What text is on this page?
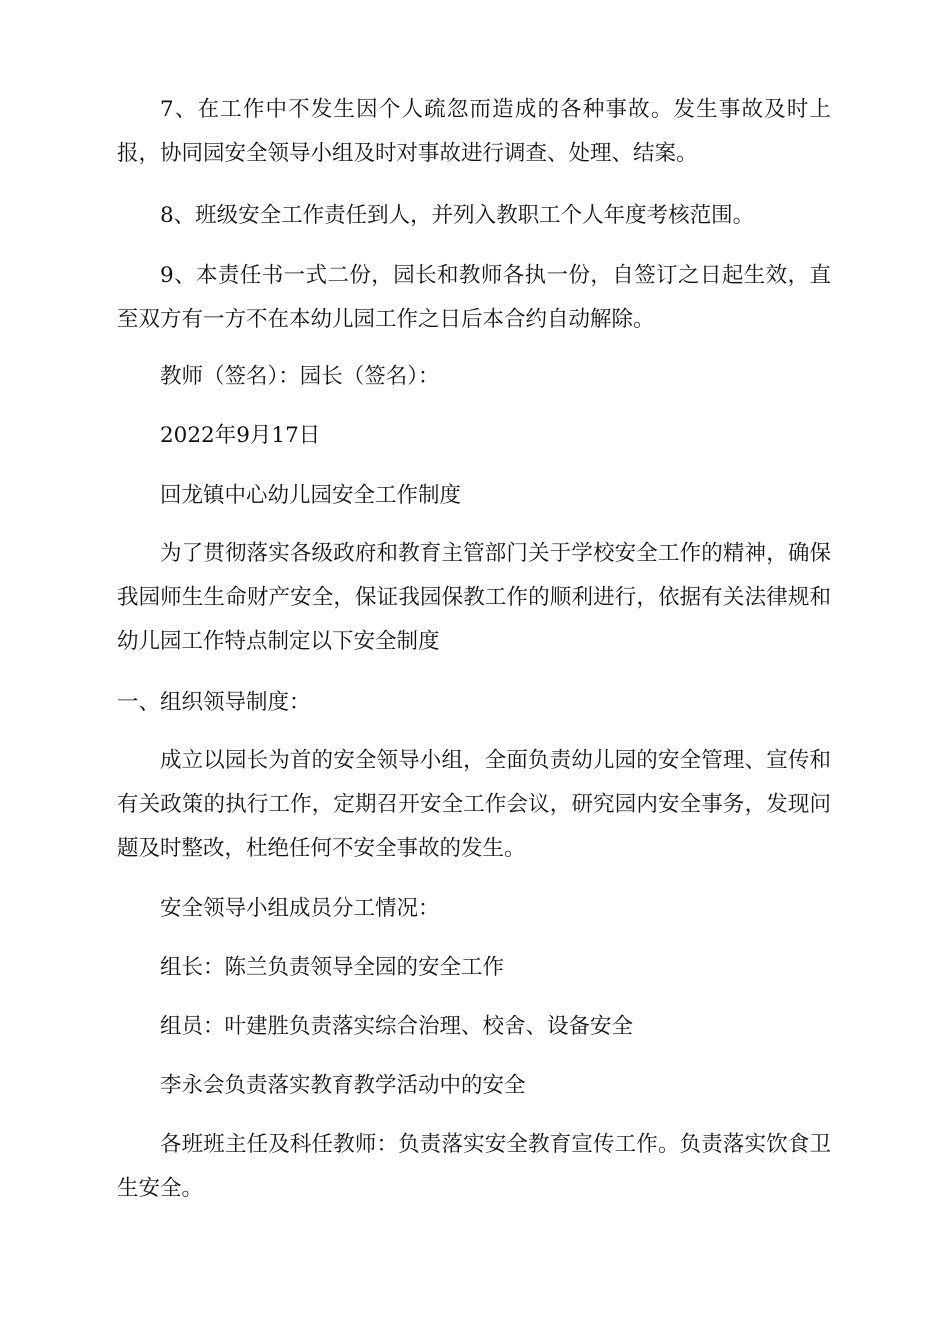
7、在工作中不发生因个人疏忽而造成的各种事故。发生事故及时上报，协同园安全领导小组及时对事故进行调查、处理、结案。

8、班级安全工作责任到人，并列入教职工个人年度考核范围。

9、本责任书一式二份，园长和教师各执一份，自签订之日起生效，直至双方有一方不在本幼儿园工作之日后本合约自动解除。

教师（签名）：园长（签名）：

2022年9月17日

回龙镇中心幼儿园安全工作制度

为了贯彻落实各级政府和教育主管部门关于学校安全工作的精神，确保我园师生生命财产安全，保证我园保教工作的顺利进行，依据有关法律规和幼儿园工作特点制定以下安全制度

一、组织领导制度：

成立以园长为首的安全领导小组，全面负责幼儿园的安全管理、宣传和有关政策的执行工作，定期召开安全工作会议，研究园内安全事务，发现问题及时整改，杜绝任何不安全事故的发生。

安全领导小组成员分工情况：

组长：陈兰负责领导全园的安全工作

组员：叶建胜负责落实综合治理、校舍、设备安全

李永会负责落实教育教学活动中的安全

各班班主任及科任教师：负责落实安全教育宣传工作。负责落实饮食卫生安全。
